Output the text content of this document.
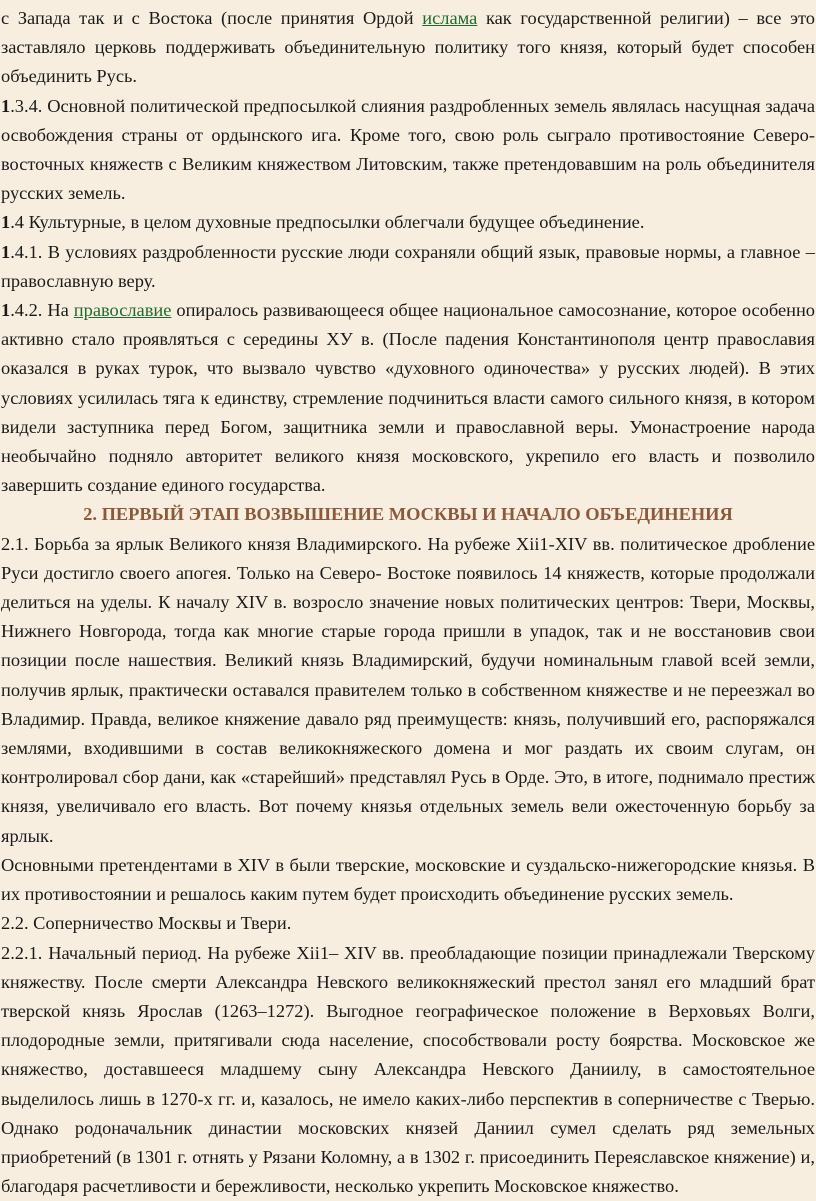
с Запада так и с Востока (после принятия Ордой ислама как государственной религии) – все это заставляло церковь поддерживать объединительную политику того князя, который будет способен объединить Русь.

1.3.4. Основной политической предпосылкой слияния раздробленных земель являлась насущная задача освобождения страны от ордынского ига. Кроме того, свою роль сыграло противостояние Северо-восточных княжеств с Великим княжеством Литовским, также претендовавшим на роль объединителя русских земель.

1.4 Культурные, в целом духовные предпосылки облегчали будущее объединение.

1.4.1. В условиях раздробленности русские люди сохраняли общий язык, правовые нормы, а главное – православную веру.

1.4.2. На православие опиралось развивающееся общее национальное самосознание, которое особенно активно стало проявляться с середины XУ в. (После падения Константинополя центр православия оказался в руках турок, что вызвало чувство «духовного одиночества» у русских людей). В этих условиях усилилась тяга к единству, стремление подчиниться власти самого сильного князя, в котором видели заступника перед Богом, защитника земли и православной веры. Умонастроение народа необычайно подняло авторитет великого князя московского, укрепило его власть и позволило завершить создание единого государства.

2. ПЕРВЫЙ ЭТАП ВОЗВЫШЕНИЕ МОСКВЫ И НАЧАЛО ОБЪЕДИНЕНИЯ

2.1. Борьба за ярлык Великого князя Владимирского. На рубеже Xii1-XIV вв. политическое дробление Руси достигло своего апогея. Только на Северо- Востоке появилось 14 княжеств, которые продолжали делиться на уделы. К началу XIV в. возросло значение новых политических центров: Твери, Москвы, Нижнего Новгорода, тогда как многие старые города пришли в упадок, так и не восстановив свои позиции после нашествия. Великий князь Владимирский, будучи номинальным главой всей земли, получив ярлык, практически оставался правителем только в собственном княжестве и не переезжал во Владимир. Правда, великое княжение давало ряд преимуществ: князь, получивший его, распоряжался землями, входившими в состав великокняжеского домена и мог раздать их своим слугам, он контролировал сбор дани, как «старейший» представлял Русь в Орде. Это, в итоге, поднимало престиж князя, увеличивало его власть. Вот почему князья отдельных земель вели ожесточенную борьбу за ярлык.

Основными претендентами в XIV в были тверские, московские и суздальско-нижегородские князья. В их противостоянии и решалось каким путем будет происходить объединение русских земель.

2.2. Соперничество Москвы и Твери.

2.2.1. Начальный период. На рубеже Xii1– XIV вв. преобладающие позиции принадлежали Тверскому княжеству. После смерти Александра Невского великокняжеский престол занял его младший брат тверской князь Ярослав (1263–1272). Выгодное географическое положение в Верховьях Волги, плодородные земли, притягивали сюда население, способствовали росту боярства. Московское же княжество, доставшееся младшему сыну Александра Невского Даниилу, в самостоятельное выделилось лишь в 1270-х гг. и, казалось, не имело каких-либо перспектив в соперничестве с Тверью. Однако родоначальник династии московских князей Даниил сумел сделать ряд земельных приобретений (в 1301 г. отнять у Рязани Коломну, а в 1302 г. присоединить Переяславское княжение) и, благодаря расчетливости и бережливости, несколько укрепить Московское княжество.
